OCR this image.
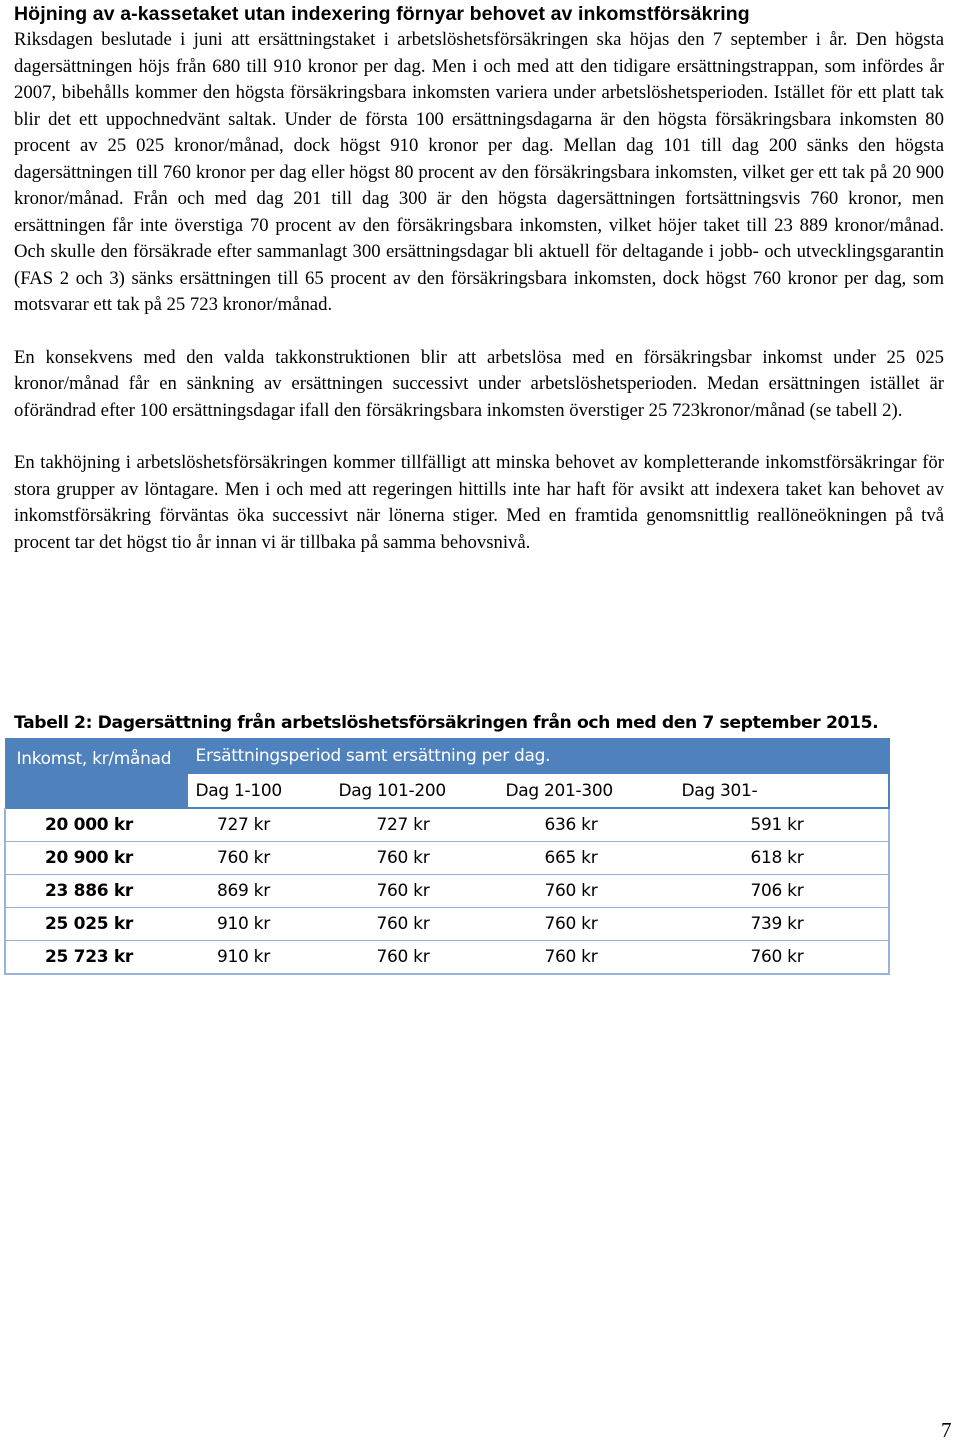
Höjning av a-kassetaket utan indexering förnyar behovet av inkomstförsäkring

Riksdagen beslutade i juni att ersättningstaket i arbetslöshetsförsäkringen ska höjas den 7 september i år. Den högsta dagersättningen höjs från 680 till 910 kronor per dag. Men i och med att den tidigare ersättningstrappan, som infördes år 2007, bibehålls kommer den högsta försäkringsbara inkomsten variera under arbetslöshetsperioden. Istället för ett platt tak blir det ett uppochnedvänt saltak. Under de första 100 ersättningsdagarna är den högsta försäkringsbara inkomsten 80 procent av 25 025 kronor/månad, dock högst 910 kronor per dag. Mellan dag 101 till dag 200 sänks den högsta dagersättningen till 760 kronor per dag eller högst 80 procent av den försäkringsbara inkomsten, vilket ger ett tak på 20 900 kronor/månad. Från och med dag 201 till dag 300 är den högsta dagersättningen fortsättningsvis 760 kronor, men ersättningen får inte överstiga 70 procent av den försäkringsbara inkomsten, vilket höjer taket till 23 889 kronor/månad. Och skulle den försäkrade efter sammanlagt 300 ersättningsdagar bli aktuell för deltagande i jobb- och utvecklingsgarantin (FAS 2 och 3) sänks ersättningen till 65 procent av den försäkringsbara inkomsten, dock högst 760 kronor per dag, som motsvarar ett tak på 25 723 kronor/månad.

En konsekvens med den valda takkonstruktionen blir att arbetslösa med en försäkringsbar inkomst under 25 025 kronor/månad får en sänkning av ersättningen successivt under arbetslöshetsperioden. Medan ersättningen istället är oförändrad efter 100 ersättningsdagar ifall den försäkringsbara inkomsten överstiger 25 723kronor/månad (se tabell 2).

En takhöjning i arbetslöshetsförsäkringen kommer tillfälligt att minska behovet av kompletterande inkomstförsäkringar för stora grupper av löntagare. Men i och med att regeringen hittills inte har haft för avsikt att indexera taket kan behovet av inkomstförsäkring förväntas öka successivt när lönerna stiger. Med en framtida genomsnittlig reallöneökningen på två procent tar det högst tio år innan vi är tillbaka på samma behovsnivå.

Tabell 2: Dagersättning från arbetslöshetsförsäkringen från och med den 7 september 2015.

Inkomst, kr/månad	Ersättningsperiod samt ersättning per dag.			
	Dag 1-100	Dag 101-200	Dag 201-300	Dag 301-
20 000 kr	727 kr	727 kr	636 kr	591 kr
20 900 kr	760 kr	760 kr	665 kr	618 kr
23 886 kr	869 kr	760 kr	760 kr	706 kr
25 025 kr	910 kr	760 kr	760 kr	739 kr
25 723 kr	910 kr	760 kr	760 kr	760 kr

7
